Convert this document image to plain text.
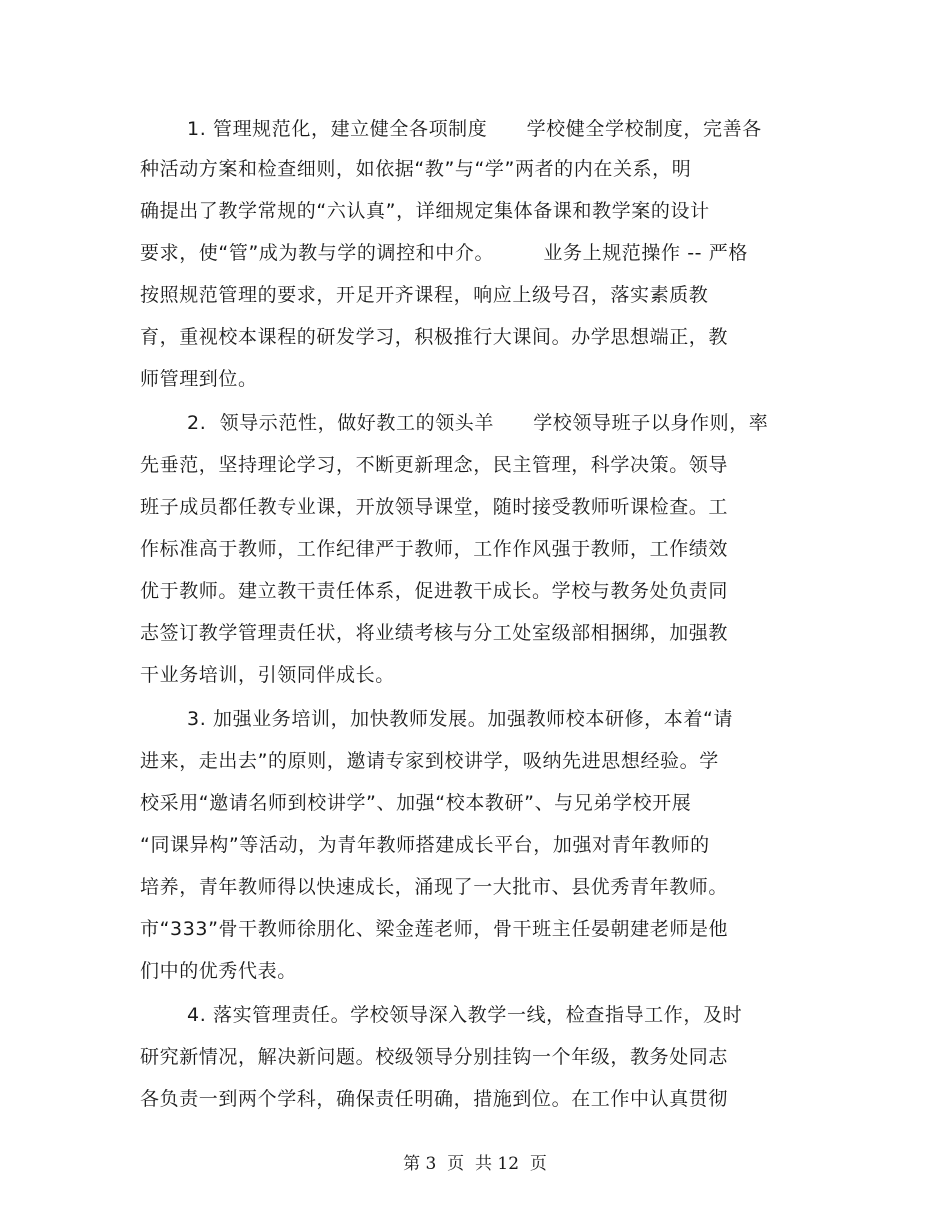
1. 管理规范化，建立健全各项制度　　学校健全学校制度，完善各
种活动方案和检查细则，如依据“教”与“学”两者的内在关系，明
确提出了教学常规的“六认真”，详细规定集体备课和教学案的设计
要求，使“管”成为教与学的调控和中介。　　　业务上规范操作 -- 严格
按照规范管理的要求，开足开齐课程，响应上级号召，落实素质教
育，重视校本课程的研发学习，积极推行大课间。办学思想端正，教
师管理到位。
2.  领导示范性，做好教工的领头羊　　学校领导班子以身作则，率
先垂范，坚持理论学习，不断更新理念，民主管理，科学决策。领导
班子成员都任教专业课，开放领导课堂，随时接受教师听课检查。工
作标准高于教师，工作纪律严于教师，工作作风强于教师，工作绩效
优于教师。建立教干责任体系，促进教干成长。学校与教务处负责同
志签订教学管理责任状，将业绩考核与分工处室级部相捆绑，加强教
干业务培训，引领同伴成长。
3. 加强业务培训，加快教师发展。加强教师校本研修，本着“请
进来，走出去”的原则，邀请专家到校讲学，吸纳先进思想经验。学
校采用“邀请名师到校讲学”、加强“校本教研”、与兄弟学校开展
“同课异构”等活动，为青年教师搭建成长平台，加强对青年教师的
培养，青年教师得以快速成长，涌现了一大批市、县优秀青年教师。
市“333”骨干教师徐朋化、梁金莲老师，骨干班主任晏朝建老师是他
们中的优秀代表。
4. 落实管理责任。学校领导深入教学一线，检查指导工作，及时
研究新情况，解决新问题。校级领导分别挂钩一个年级，教务处同志
各负责一到两个学科，确保责任明确，措施到位。在工作中认真贯彻
第 3  页  共 12  页
